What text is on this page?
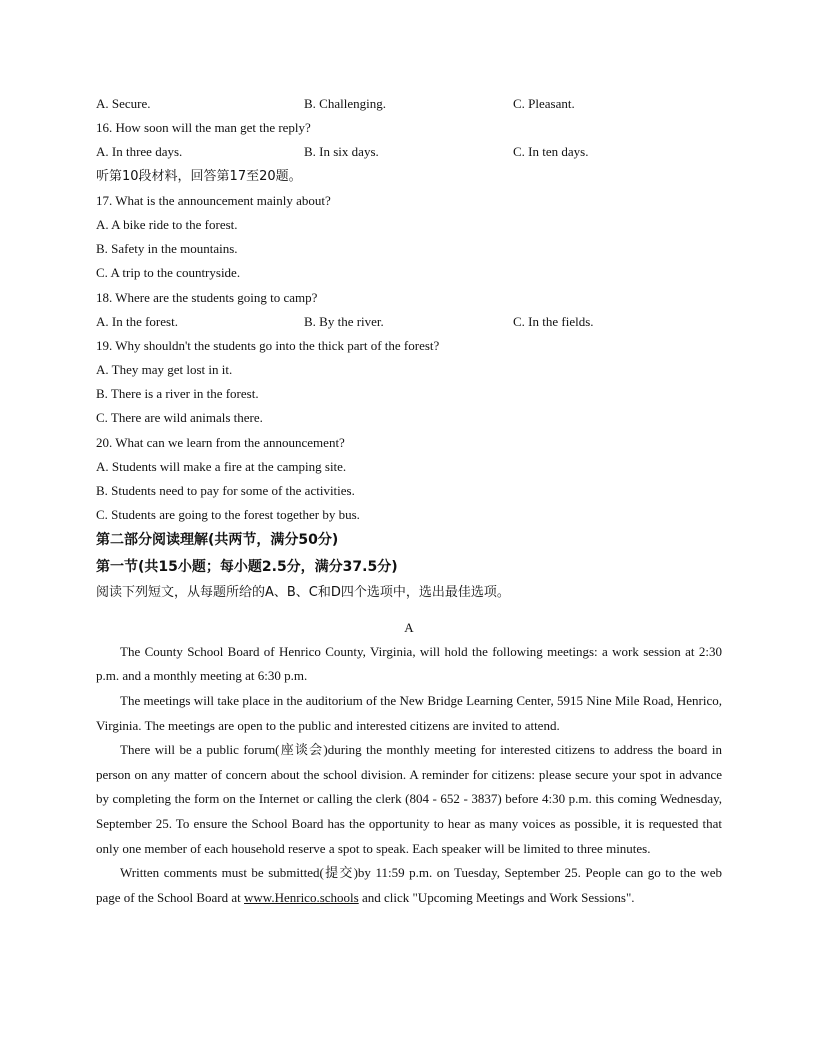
A. Secure.	B. Challenging.	C. Pleasant.
16. How soon will the man get the reply?
A. In three days.	B. In six days.	C. In ten days.
听第10段材料，回答第17至20题。
17. What is the announcement mainly about?
A. A bike ride to the forest.
B. Safety in the mountains.
C. A trip to the countryside.
18. Where are the students going to camp?
A. In the forest.	B. By the river.	C. In the fields.
19. Why shouldn't the students go into the thick part of the forest?
A. They may get lost in it.
B. There is a river in the forest.
C. There are wild animals there.
20. What can we learn from the announcement?
A. Students will make a fire at the camping site.
B. Students need to pay for some of the activities.
C. Students are going to the forest together by bus.
第二部分阅读理解(共两节，满分50分)
第一节(共15小题；每小题2.5分，满分37.5分)
阅读下列短文，从每题所给的A、B、C和D四个选项中，选出最佳选项。
A
The County School Board of Henrico County, Virginia, will hold the following meetings: a work session at 2:30 p.m. and a monthly meeting at 6:30 p.m.
The meetings will take place in the auditorium of the New Bridge Learning Center, 5915 Nine Mile Road, Henrico, Virginia. The meetings are open to the public and interested citizens are invited to attend.
There will be a public forum(座谈会)during the monthly meeting for interested citizens to address the board in person on any matter of concern about the school division. A reminder for citizens: please secure your spot in advance by completing the form on the Internet or calling the clerk (804 - 652 - 3837) before 4:30 p.m. this coming Wednesday, September 25. To ensure the School Board has the opportunity to hear as many voices as possible, it is requested that only one member of each household reserve a spot to speak. Each speaker will be limited to three minutes.
Written comments must be submitted(提交)by 11:59 p.m. on Tuesday, September 25. People can go to the web page of the School Board at www.Henrico.schools and click "Upcoming Meetings and Work Sessions".
